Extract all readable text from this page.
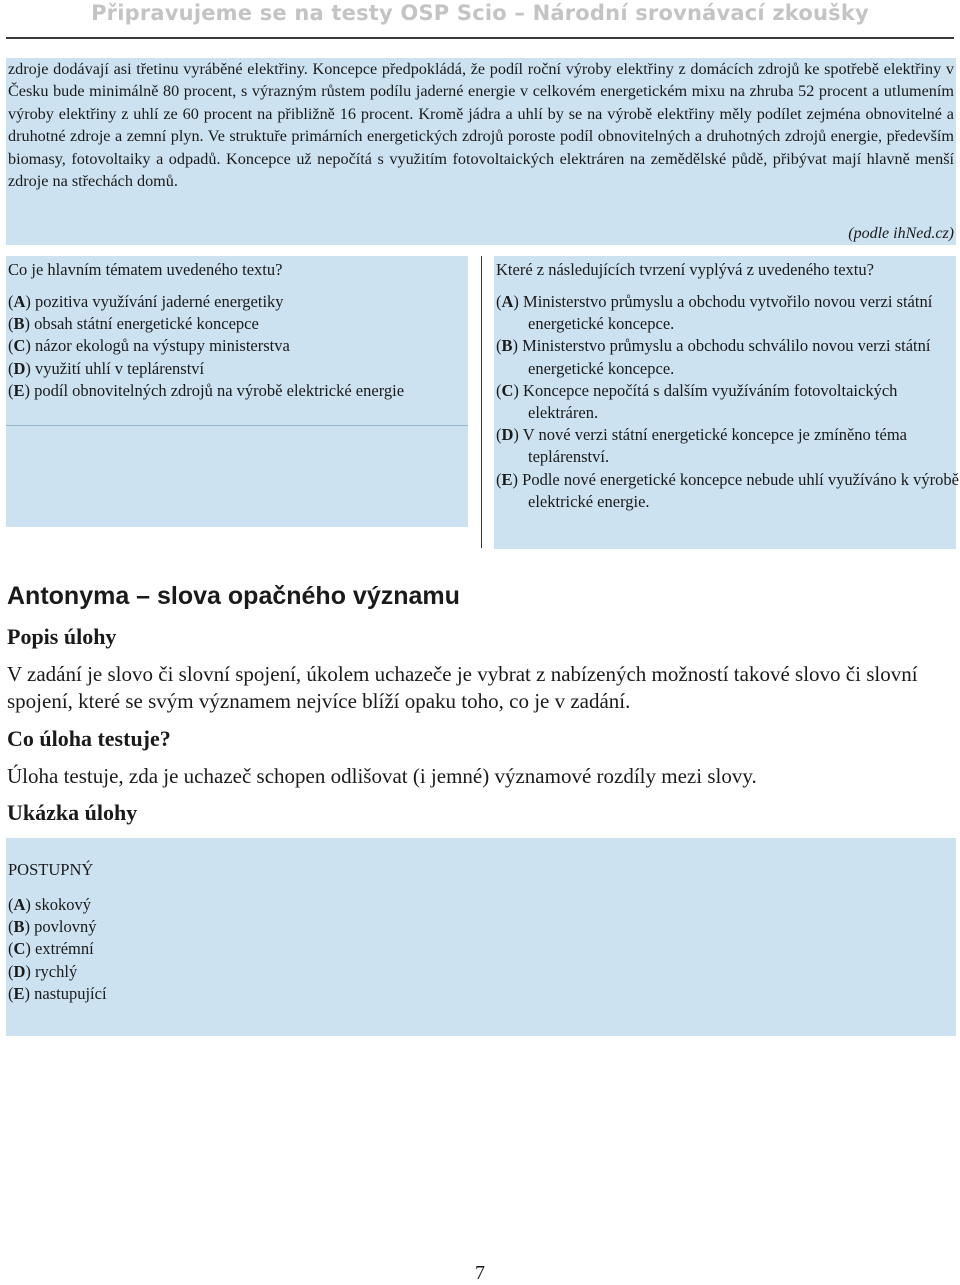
Připravujeme se na testy OSP Scio – Národní srovnávací zkoušky
zdroje dodávají asi třetinu vyráběné elektřiny. Koncepce předpokládá, že podíl roční výroby elektřiny z domácích zdrojů ke spotřebě elektřiny v Česku bude minimálně 80 procent, s výrazným růstem podílu jaderné energie v celkovém energetickém mixu na zhruba 52 procent a utlumením výroby elektřiny z uhlí ze 60 procent na přibližně 16 procent. Kromě jádra a uhlí by se na výrobě elektřiny měly podílet zejména obnovitelné a druhotné zdroje a zemní plyn. Ve struktuře primárních energetických zdrojů poroste podíl obnovitelných a druhotných zdrojů energie, především biomasy, fotovoltaiky a odpadů. Koncepce už nepočítá s využitím fotovoltaických elektráren na zemědělské půdě, přibývat mají hlavně menší zdroje na střechách domů.
(podle ihNed.cz)
Co je hlavním tématem uvedeného textu?
(A) pozitiva využívání jaderné energetiky
(B) obsah státní energetické koncepce
(C) názor ekologů na výstupy ministerstva
(D) využití uhlí v teplárenství
(E) podíl obnovitelných zdrojů na výrobě elektrické energie
Které z následujících tvrzení vyplývá z uvedeného textu?
(A) Ministerstvo průmyslu a obchodu vytvořilo novou verzi státní energetické koncepce.
(B) Ministerstvo průmyslu a obchodu schválilo novou verzi státní energetické koncepce.
(C) Koncepce nepočítá s dalším využíváním fotovoltaických elektráren.
(D) V nové verzi státní energetické koncepce je zmíněno téma teplárenství.
(E) Podle nové energetické koncepce nebude uhlí využíváno k výrobě elektrické energie.
Antonyma – slova opačného významu
Popis úlohy
V zadání je slovo či slovní spojení, úkolem uchazeče je vybrat z nabízených možností takové slovo či slovní spojení, které se svým významem nejvíce blíží opaku toho, co je v zadání.
Co úloha testuje?
Úloha testuje, zda je uchazeč schopen odlišovat (i jemné) významové rozdíly mezi slovy.
Ukázka úlohy
POSTUPNÝ
(A) skokový
(B) povlovný
(C) extrémní
(D) rychlý
(E) nastupující
7
